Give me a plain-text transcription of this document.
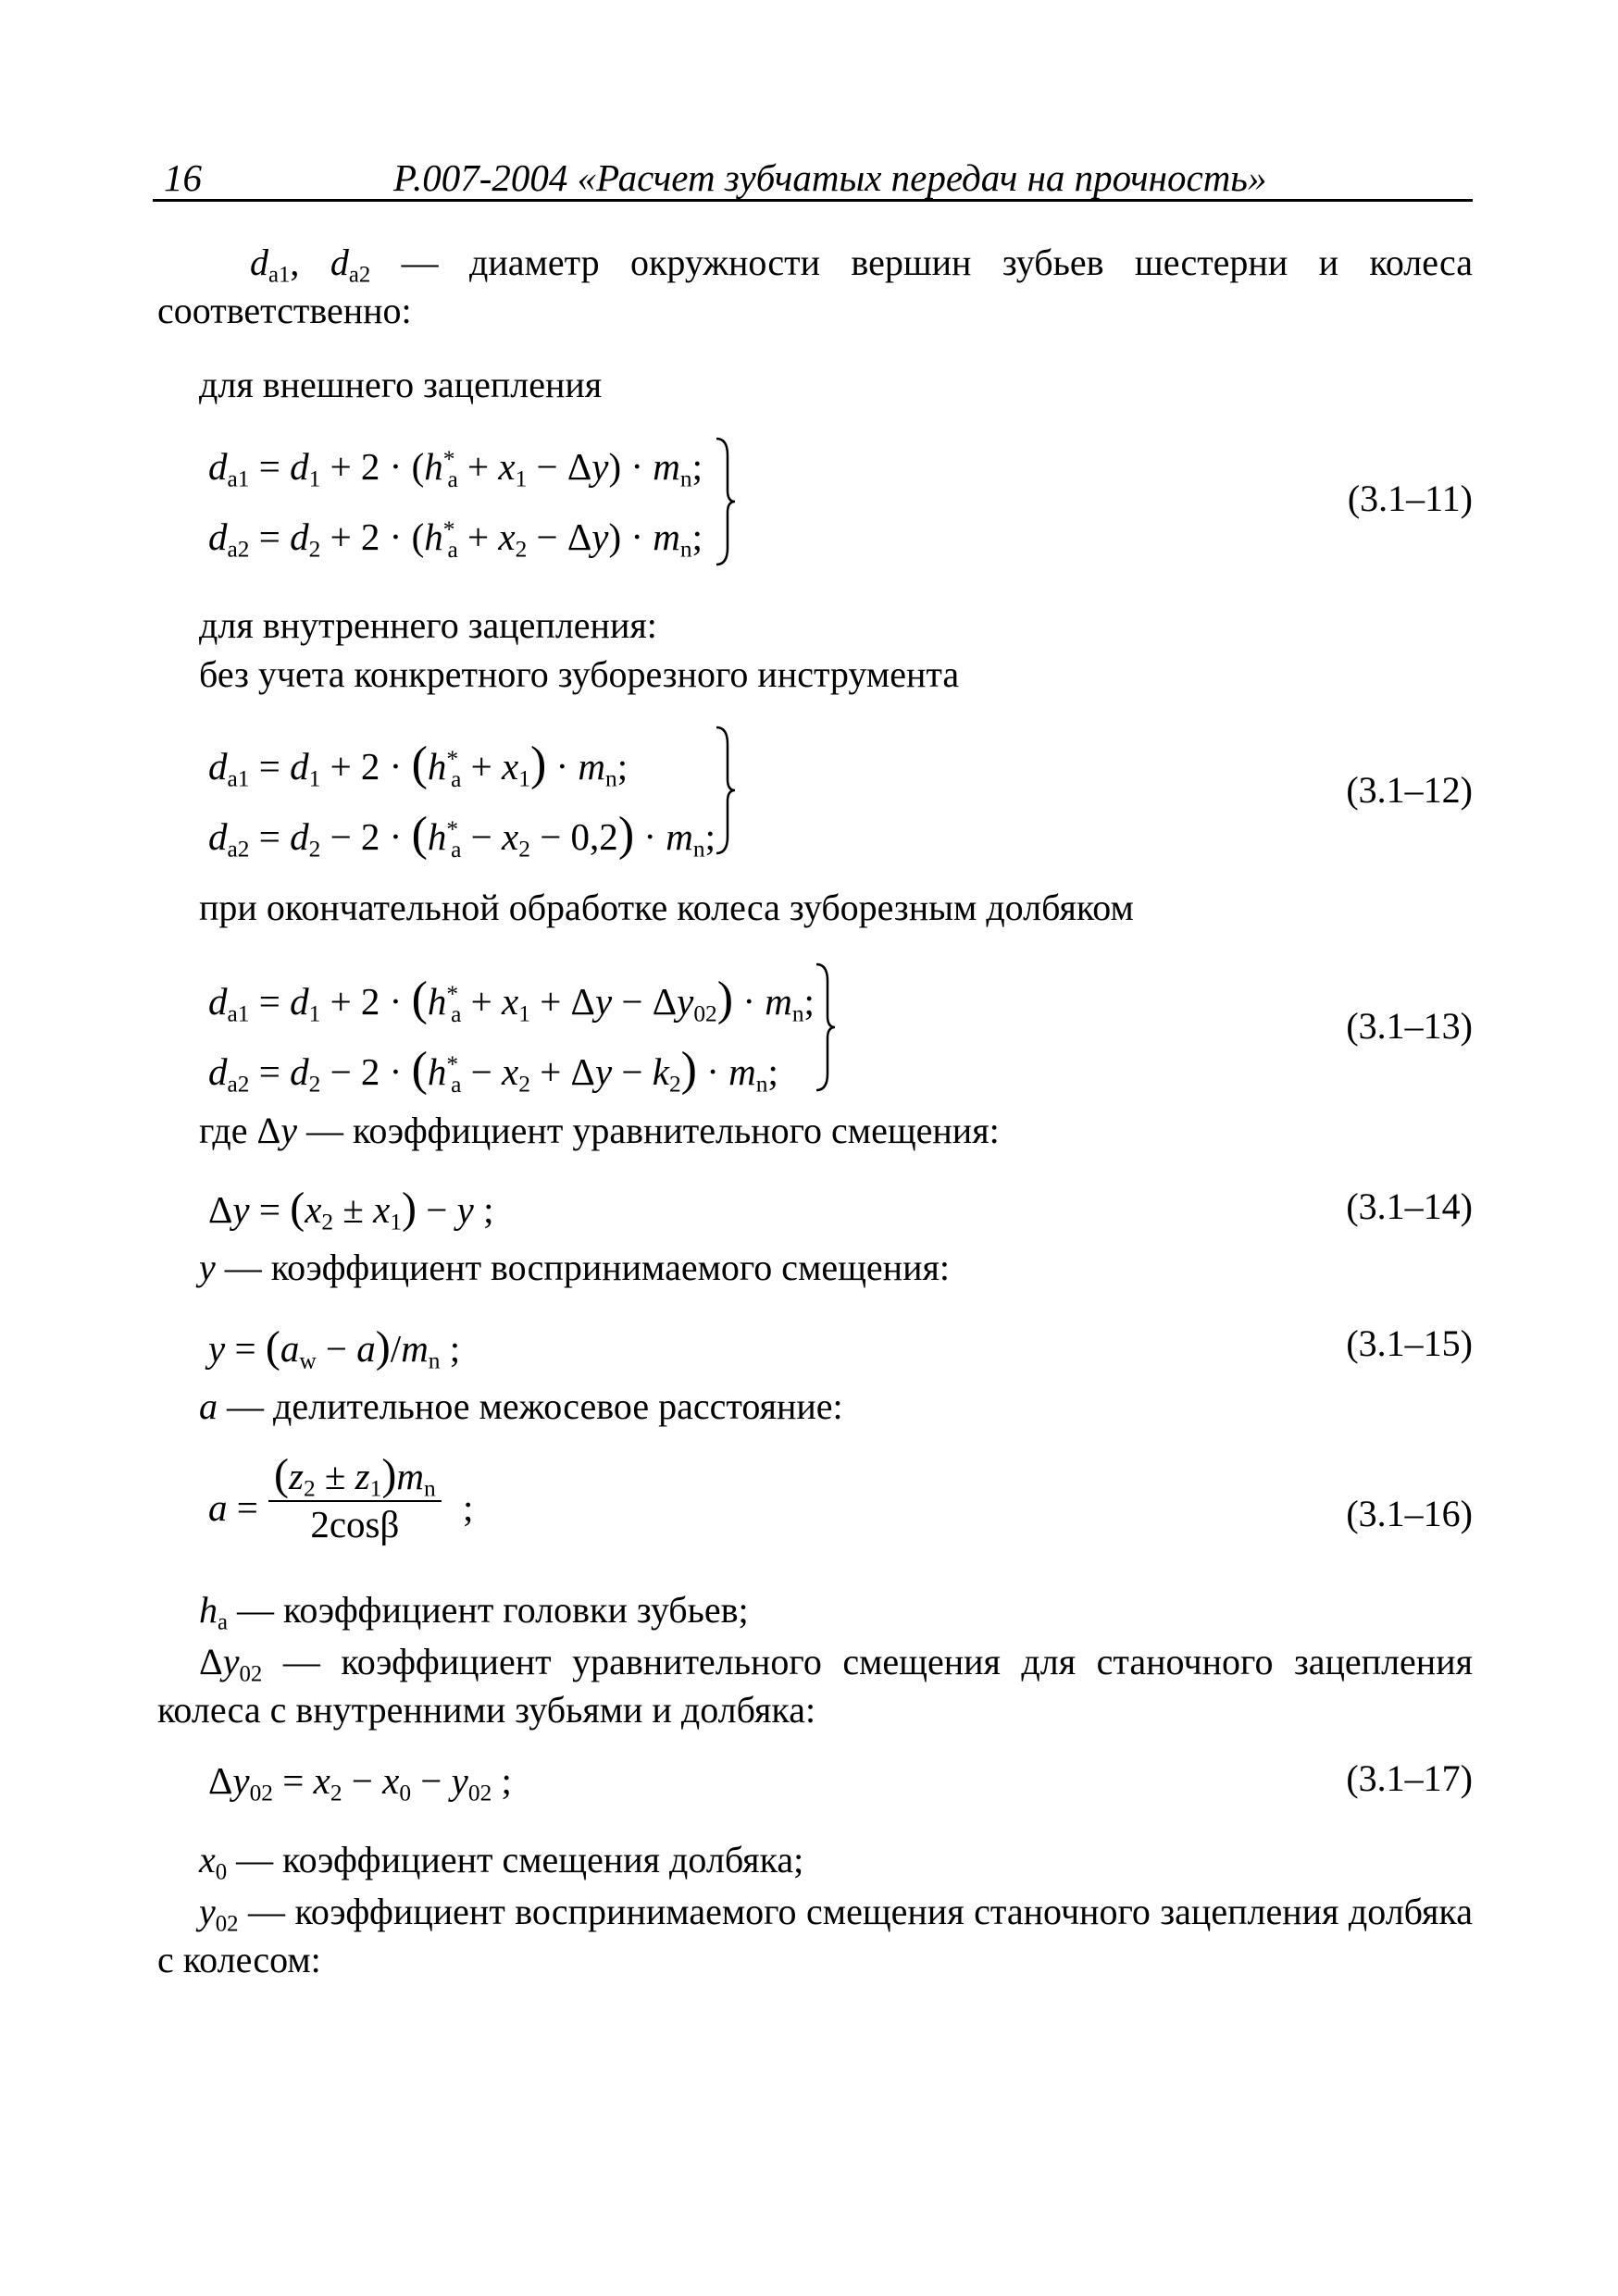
16	Р.007-2004 «Расчет зубчатых передач на прочность»
$d_{a1}$, $d_{a2}$ — диаметр окружности вершин зубьев шестерни и колеса соответственно:
для внешнего зацепления
$d_{a1} = d_1 + 2 \cdot (h^*_a + x_1 - \Delta y) \cdot m_n$;
$d_{a2} = d_2 + 2 \cdot (h^*_a + x_2 - \Delta y) \cdot m_n$;
(3.1–11)
для внутреннего зацепления:
без учета конкретного зуборезного инструмента
$d_{a1} = d_1 + 2 \cdot (h^*_a + x_1) \cdot m_n$;
$d_{a2} = d_2 - 2 \cdot (h^*_a - x_2 - 0,2) \cdot m_n$;
(3.1–12)
при окончательной обработке колеса зуборезным долбяком
$d_{a1} = d_1 + 2 \cdot (h^*_a + x_1 + \Delta y - \Delta y_{02}) \cdot m_n$;
$d_{a2} = d_2 - 2 \cdot (h^*_a - x_2 + \Delta y - k_2) \cdot m_n$;
(3.1–13)
где Δy — коэффициент уравнительного смещения:
$\Delta y = (x_2 \pm x_1) - y$ ;	(3.1–14)
y — коэффициент воспринимаемого смещения:
$y = (a_w - a)/m_n$ ;	(3.1–15)
a — делительное межосевое расстояние:
$a = \frac{(z_2 \pm z_1)m_n}{2\cos\beta}$ ;	(3.1–16)
$h_a$ — коэффициент головки зубьев;
$\Delta y_{02}$ — коэффициент уравнительного смещения для станочного зацепления колеса с внутренними зубьями и долбяка:
$\Delta y_{02} = x_2 - x_0 - y_{02}$ ;	(3.1–17)
$x_0$ — коэффициент смещения долбяка;
$y_{02}$ — коэффициент воспринимаемого смещения станочного зацепления долбяка с колесом:
